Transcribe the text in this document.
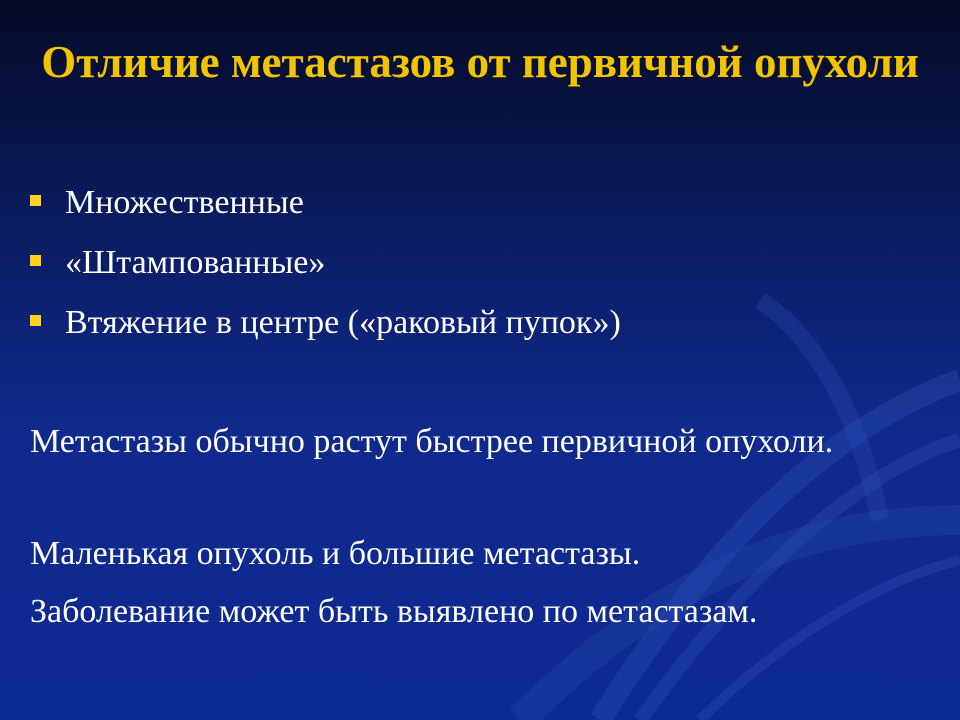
Отличие метастазов от первичной опухоли
Множественные
«Штампованные»
Втяжение в центре («раковый пупок»)

Метастазы обычно растут быстрее первичной опухоли.

Маленькая опухоль и большие метастазы.

Заболевание может быть выявлено по метастазам.
